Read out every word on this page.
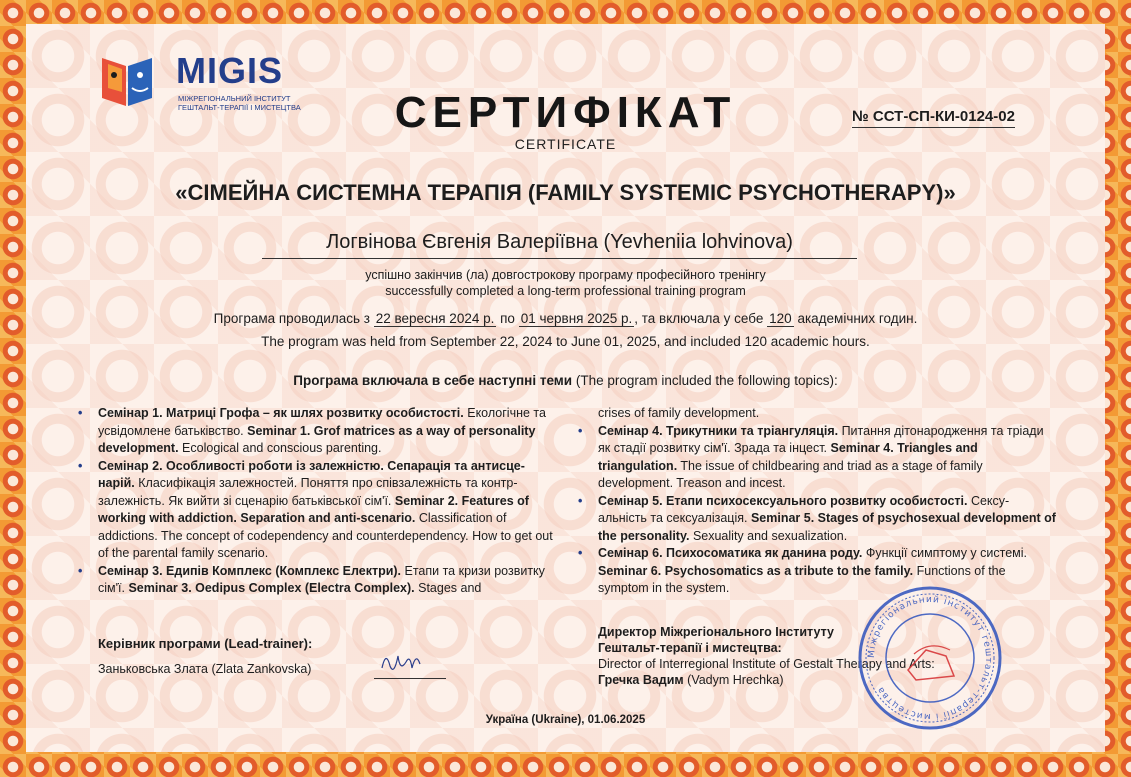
MIGIS
МІЖРЕГІОНАЛЬНИЙ ІНСТИТУТ
ГЕШТАЛЬТ-ТЕРАПІЇ І МИСТЕЦТВА	СЕРТИФІКАТ
CERTIFICATE
№ ССТ-СП-КИ-0124-02
«СІМЕЙНА СИСТЕМНА ТЕРАПІЯ (FAMILY SYSTEMIC PSYCHOTHERAPY)»
Логвінова Євгенія Валеріївна (Yevheniia lohvinova)
успішно закінчив (ла) довгострокову програму професійного тренінгу
successfully completed a long-term professional training program
Програма проводилась з 22 вересня 2024 р. по 01 червня 2025 р. , та включала у себе 120 академічних годин.
The program was held from September 22, 2024 to June 01, 2025, and included 120 academic hours.
Програма включала в себе наступні теми (The program included the following topics):

• Семінар 1. Матриці Грофа – як шлях розвитку особистості. Екологічне та усвідомлене батьківство. Seminar 1. Grof matrices as a way of personality development. Ecological and conscious parenting.

• Семінар 2. Особливості роботи із залежністю. Сепарація та антисце-нарій. Класифікація залежностей. Поняття про співзалежність та контр-залежність. Як вийти зі сценарію батьківської сім'ї. Seminar 2. Features of working with addiction. Separation and anti-scenario. Classification of addictions. The concept of codependency and counterdependency. How to get out of the parental family scenario.

• Семінар 3. Едипів Комплекс (Комплекс Електри). Етапи та кризи розвитку сім'ї. Seminar 3. Oedipus Complex (Electra Complex). Stages and

crises of family development.

• Семінар 4. Трикутники та тріангуляція. Питання дітонародження та тріади як стадії розвитку сім'ї. Зрада та інцест. Seminar 4. Triangles and triangulation. The issue of childbearing and triad as a stage of family development. Treason and incest.

• Семінар 5. Етапи психосексуального розвитку особистості. Сексу-альність та сексуалізація. Seminar 5. Stages of psychosexual development of the personality. Sexuality and sexualization.

• Семінар 6. Психосоматика як данина роду. Функції симптому у системі. Seminar 6. Psychosomatics as a tribute to the family. Functions of the symptom in the system.

Керівник програми (Lead-trainer):
Заньковська Злата (Zlata Zankovska)
Директор Міжрегіонального Інституту
Гештальт-терапії і мистецтва:
Director of Interregional Institute of Gestalt Therapy and Arts:
Гречка Вадим (Vadym Hrechka)
Міжрегіональний інститут гештальт-терапії і мистецтва
Україна (Ukraine), 01.06.2025
